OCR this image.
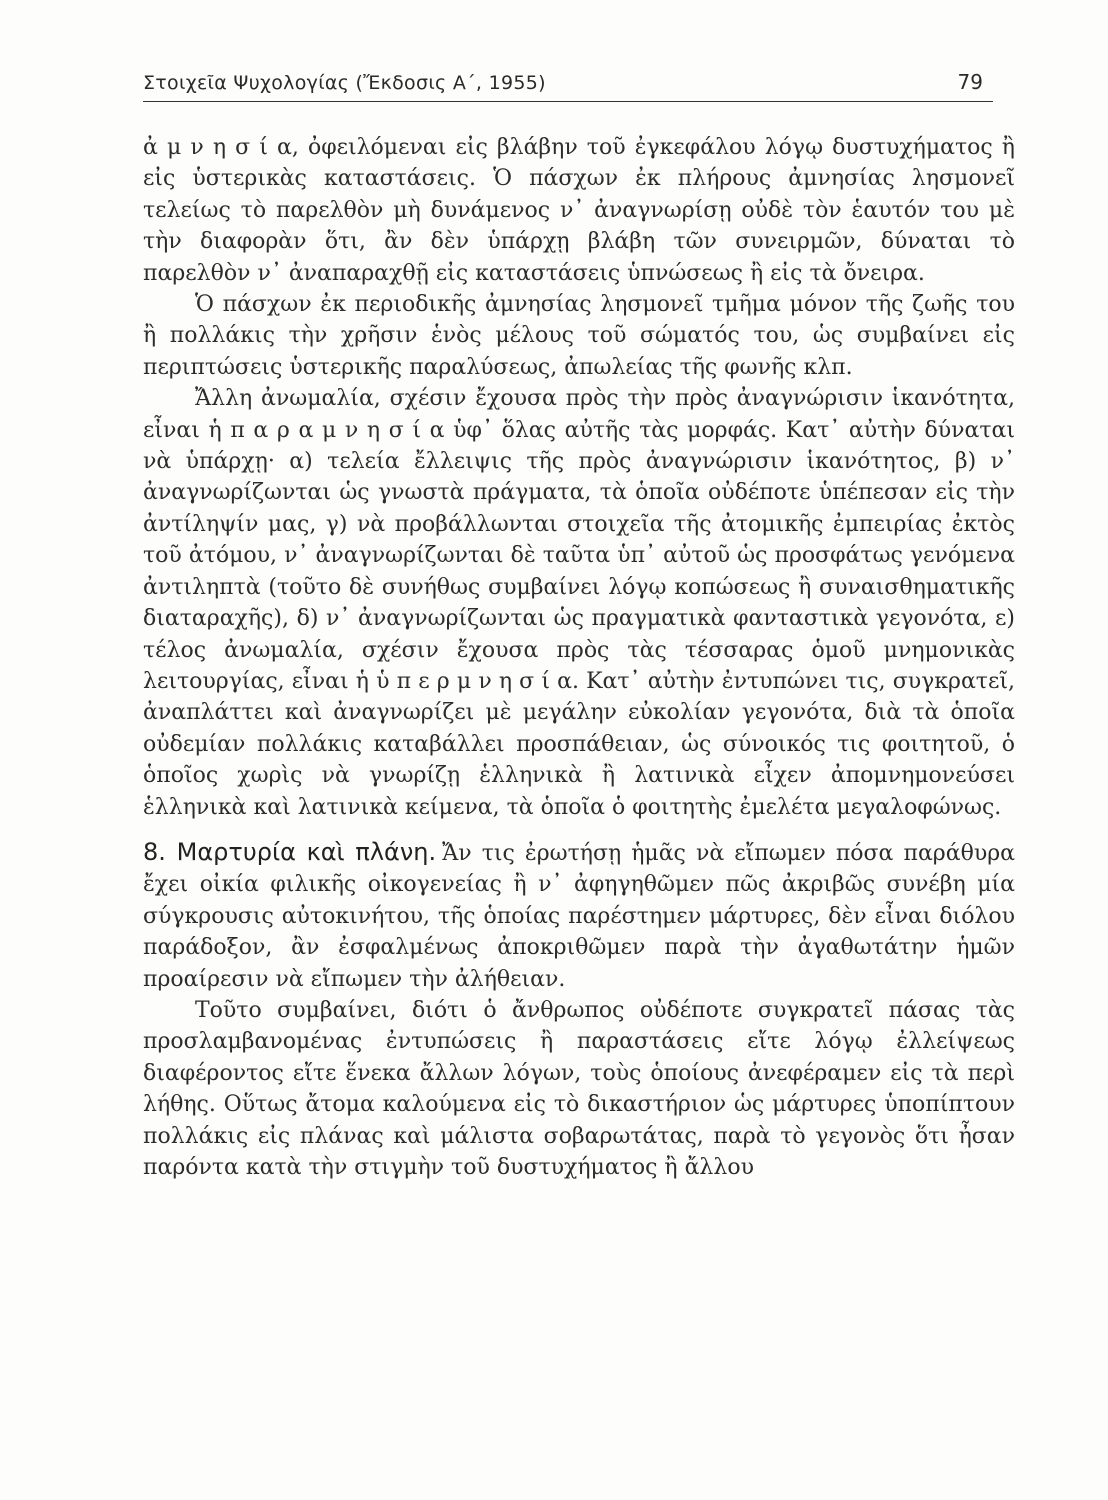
Στοιχεῖα Ψυχολογίας (Ἔκδοσις Α΄, 1955)	79

ἀ μ ν η σ ί α, ὀφειλόμεναι εἰς βλάβην τοῦ ἐγκεφάλου λόγῳ δυστυχήματος ἢ εἰς ὑστερικὰς καταστάσεις. Ὁ πάσχων ἐκ πλήρους ἀμνησίας λησμονεῖ τελείως τὸ παρελθὸν μὴ δυνάμενος ν᾽ ἀναγνωρίσῃ οὐδὲ τὸν ἑαυτόν του μὲ τὴν διαφορὰν ὅτι, ἂν δὲν ὑπάρχῃ βλάβη τῶν συνειρμῶν, δύναται τὸ παρελθὸν ν᾽ ἀναπαραχθῇ εἰς καταστάσεις ὑπνώσεως ἢ εἰς τὰ ὄνειρα.

Ὁ πάσχων ἐκ περιοδικῆς ἀμνησίας λησμονεῖ τμῆμα μόνον τῆς ζωῆς του ἢ πολλάκις τὴν χρῆσιν ἑνὸς μέλους τοῦ σώματός του, ὡς συμβαίνει εἰς περιπτώσεις ὑστερικῆς παραλύσεως, ἀπωλείας τῆς φωνῆς κλπ.

Ἄλλη ἀνωμαλία, σχέσιν ἔχουσα πρὸς τὴν πρὸς ἀναγνώρισιν ἱκανότητα, εἶναι ἡ π α ρ α μ ν η σ ί α ὑφ᾽ ὅλας αὐτῆς τὰς μορφάς. Κατ᾽ αὐτὴν δύναται νὰ ὑπάρχῃ· α) τελεία ἔλλειψις τῆς πρὸς ἀναγνώρισιν ἱκανότητος, β) ν᾽ ἀναγνωρίζωνται ὡς γνωστὰ πράγματα, τὰ ὁποῖα οὐδέποτε ὑπέπεσαν εἰς τὴν ἀντίληψίν μας, γ) νὰ προβάλλωνται στοιχεῖα τῆς ἀτομικῆς ἐμπειρίας ἐκτὸς τοῦ ἀτόμου, ν᾽ ἀναγνωρίζωνται δὲ ταῦτα ὑπ᾽ αὐτοῦ ὡς προσφάτως γενόμενα ἀντιληπτὰ (τοῦτο δὲ συνήθως συμβαίνει λόγῳ κοπώσεως ἢ συναισθηματικῆς διαταραχῆς), δ) ν᾽ ἀναγνωρίζωνται ὡς πραγματικὰ φανταστικὰ γεγονότα, ε) τέλος ἀνωμαλία, σχέσιν ἔχουσα πρὸς τὰς τέσσαρας ὁμοῦ μνημονικὰς λειτουργίας, εἶναι ἡ ὑ π ε ρ μ ν η σ ί α. Κατ᾽ αὐτὴν ἐντυπώνει τις, συγκρατεῖ, ἀναπλάττει καὶ ἀναγνωρίζει μὲ μεγάλην εὐκολίαν γεγονότα, διὰ τὰ ὁποῖα οὐδεμίαν πολλάκις καταβάλλει προσπάθειαν, ὡς σύνοικός τις φοιτητοῦ, ὁ ὁποῖος χωρὶς νὰ γνωρίζῃ ἑλληνικὰ ἢ λατινικὰ εἶχεν ἀπομνημονεύσει ἑλληνικὰ καὶ λατινικὰ κείμενα, τὰ ὁποῖα ὁ φοιτητὴς ἐμελέτα μεγαλοφώνως.

8. Μαρτυρία καὶ πλάνη. Ἄν τις ἐρωτήσῃ ἡμᾶς νὰ εἴπωμεν πόσα παράθυρα ἔχει οἰκία φιλικῆς οἰκογενείας ἢ ν᾽ ἀφηγηθῶμεν πῶς ἀκριβῶς συνέβη μία σύγκρουσις αὐτοκινήτου, τῆς ὁποίας παρέστημεν μάρτυρες, δὲν εἶναι διόλου παράδοξον, ἂν ἐσφαλμένως ἀποκριθῶμεν παρὰ τὴν ἀγαθωτάτην ἡμῶν προαίρεσιν νὰ εἴπωμεν τὴν ἀλήθειαν.

Τοῦτο συμβαίνει, διότι ὁ ἄνθρωπος οὐδέποτε συγκρατεῖ πάσας τὰς προσλαμβανομένας ἐντυπώσεις ἢ παραστάσεις εἴτε λόγῳ ἐλλείψεως διαφέροντος εἴτε ἕνεκα ἄλλων λόγων, τοὺς ὁποίους ἀνεφέραμεν εἰς τὰ περὶ λήθης. Οὕτως ἄτομα καλούμενα εἰς τὸ δικαστήριον ὡς μάρτυρες ὑποπίπτουν πολλάκις εἰς πλάνας καὶ μάλιστα σοβαρωτάτας, παρὰ τὸ γεγονὸς ὅτι ἦσαν παρόντα κατὰ τὴν στιγμὴν τοῦ δυστυχήματος ἢ ἄλλου
